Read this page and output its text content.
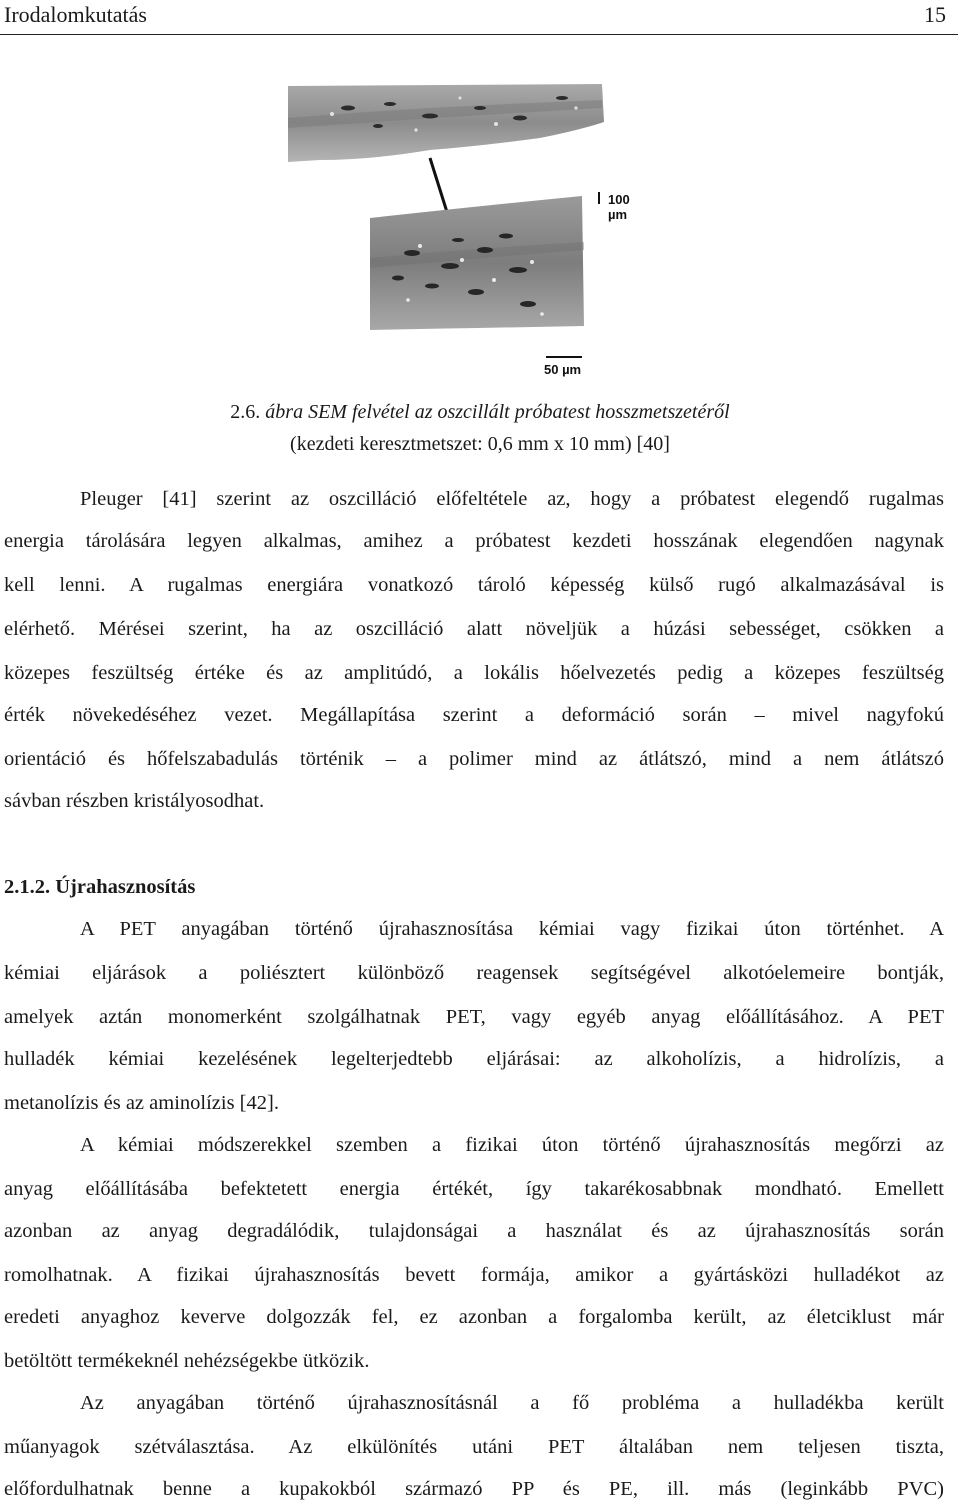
Irodalomkutatás	15
100 µm
50 µm
2.6. ábra SEM felvétel az oszcillált próbatest hosszmetszetéről
(kezdeti keresztmetszet: 0,6 mm x 10 mm) [40]
Pleuger [41] szerint az oszcilláció előfeltétele az, hogy a próbatest elegendő rugalmas
energia tárolására legyen alkalmas, amihez a próbatest kezdeti hosszának elegendően nagynak
kell lenni. A rugalmas energiára vonatkozó tároló képesség külső rugó alkalmazásával is
elérhető. Mérései szerint, ha az oszcilláció alatt növeljük a húzási sebességet, csökken a
közepes feszültség értéke és az amplitúdó, a lokális hőelvezetés pedig a közepes feszültség
érték növekedéséhez vezet. Megállapítása szerint a deformáció során – mivel nagyfokú
orientáció és hőfelszabadulás történik – a polimer mind az átlátszó, mind a nem átlátszó
sávban részben kristályosodhat.
2.1.2. Újrahasznosítás
A PET anyagában történő újrahasznosítása kémiai vagy fizikai úton történhet. A
kémiai eljárások a poliésztert különböző reagensek segítségével alkotóelemeire bontják,
amelyek aztán monomerként szolgálhatnak PET, vagy egyéb anyag előállításához. A PET
hulladék kémiai kezelésének legelterjedtebb eljárásai: az alkoholízis, a hidrolízis, a
metanolízis és az aminolízis [42].
A kémiai módszerekkel szemben a fizikai úton történő újrahasznosítás megőrzi az
anyag előállításába befektetett energia értékét, így takarékosabbnak mondható. Emellett
azonban az anyag degradálódik, tulajdonságai a használat és az újrahasznosítás során
romolhatnak. A fizikai újrahasznosítás bevett formája, amikor a gyártásközi hulladékot az
eredeti anyaghoz keverve dolgozzák fel, ez azonban a forgalomba került, az életciklust már
betöltött termékeknél nehézségekbe ütközik.
Az anyagában történő újrahasznosításnál a fő probléma a hulladékba került
műanyagok szétválasztása. Az elkülönítés utáni PET általában nem teljesen tiszta,
előfordulhatnak benne a kupakokból származó PP és PE, ill. más (leginkább PVC)
